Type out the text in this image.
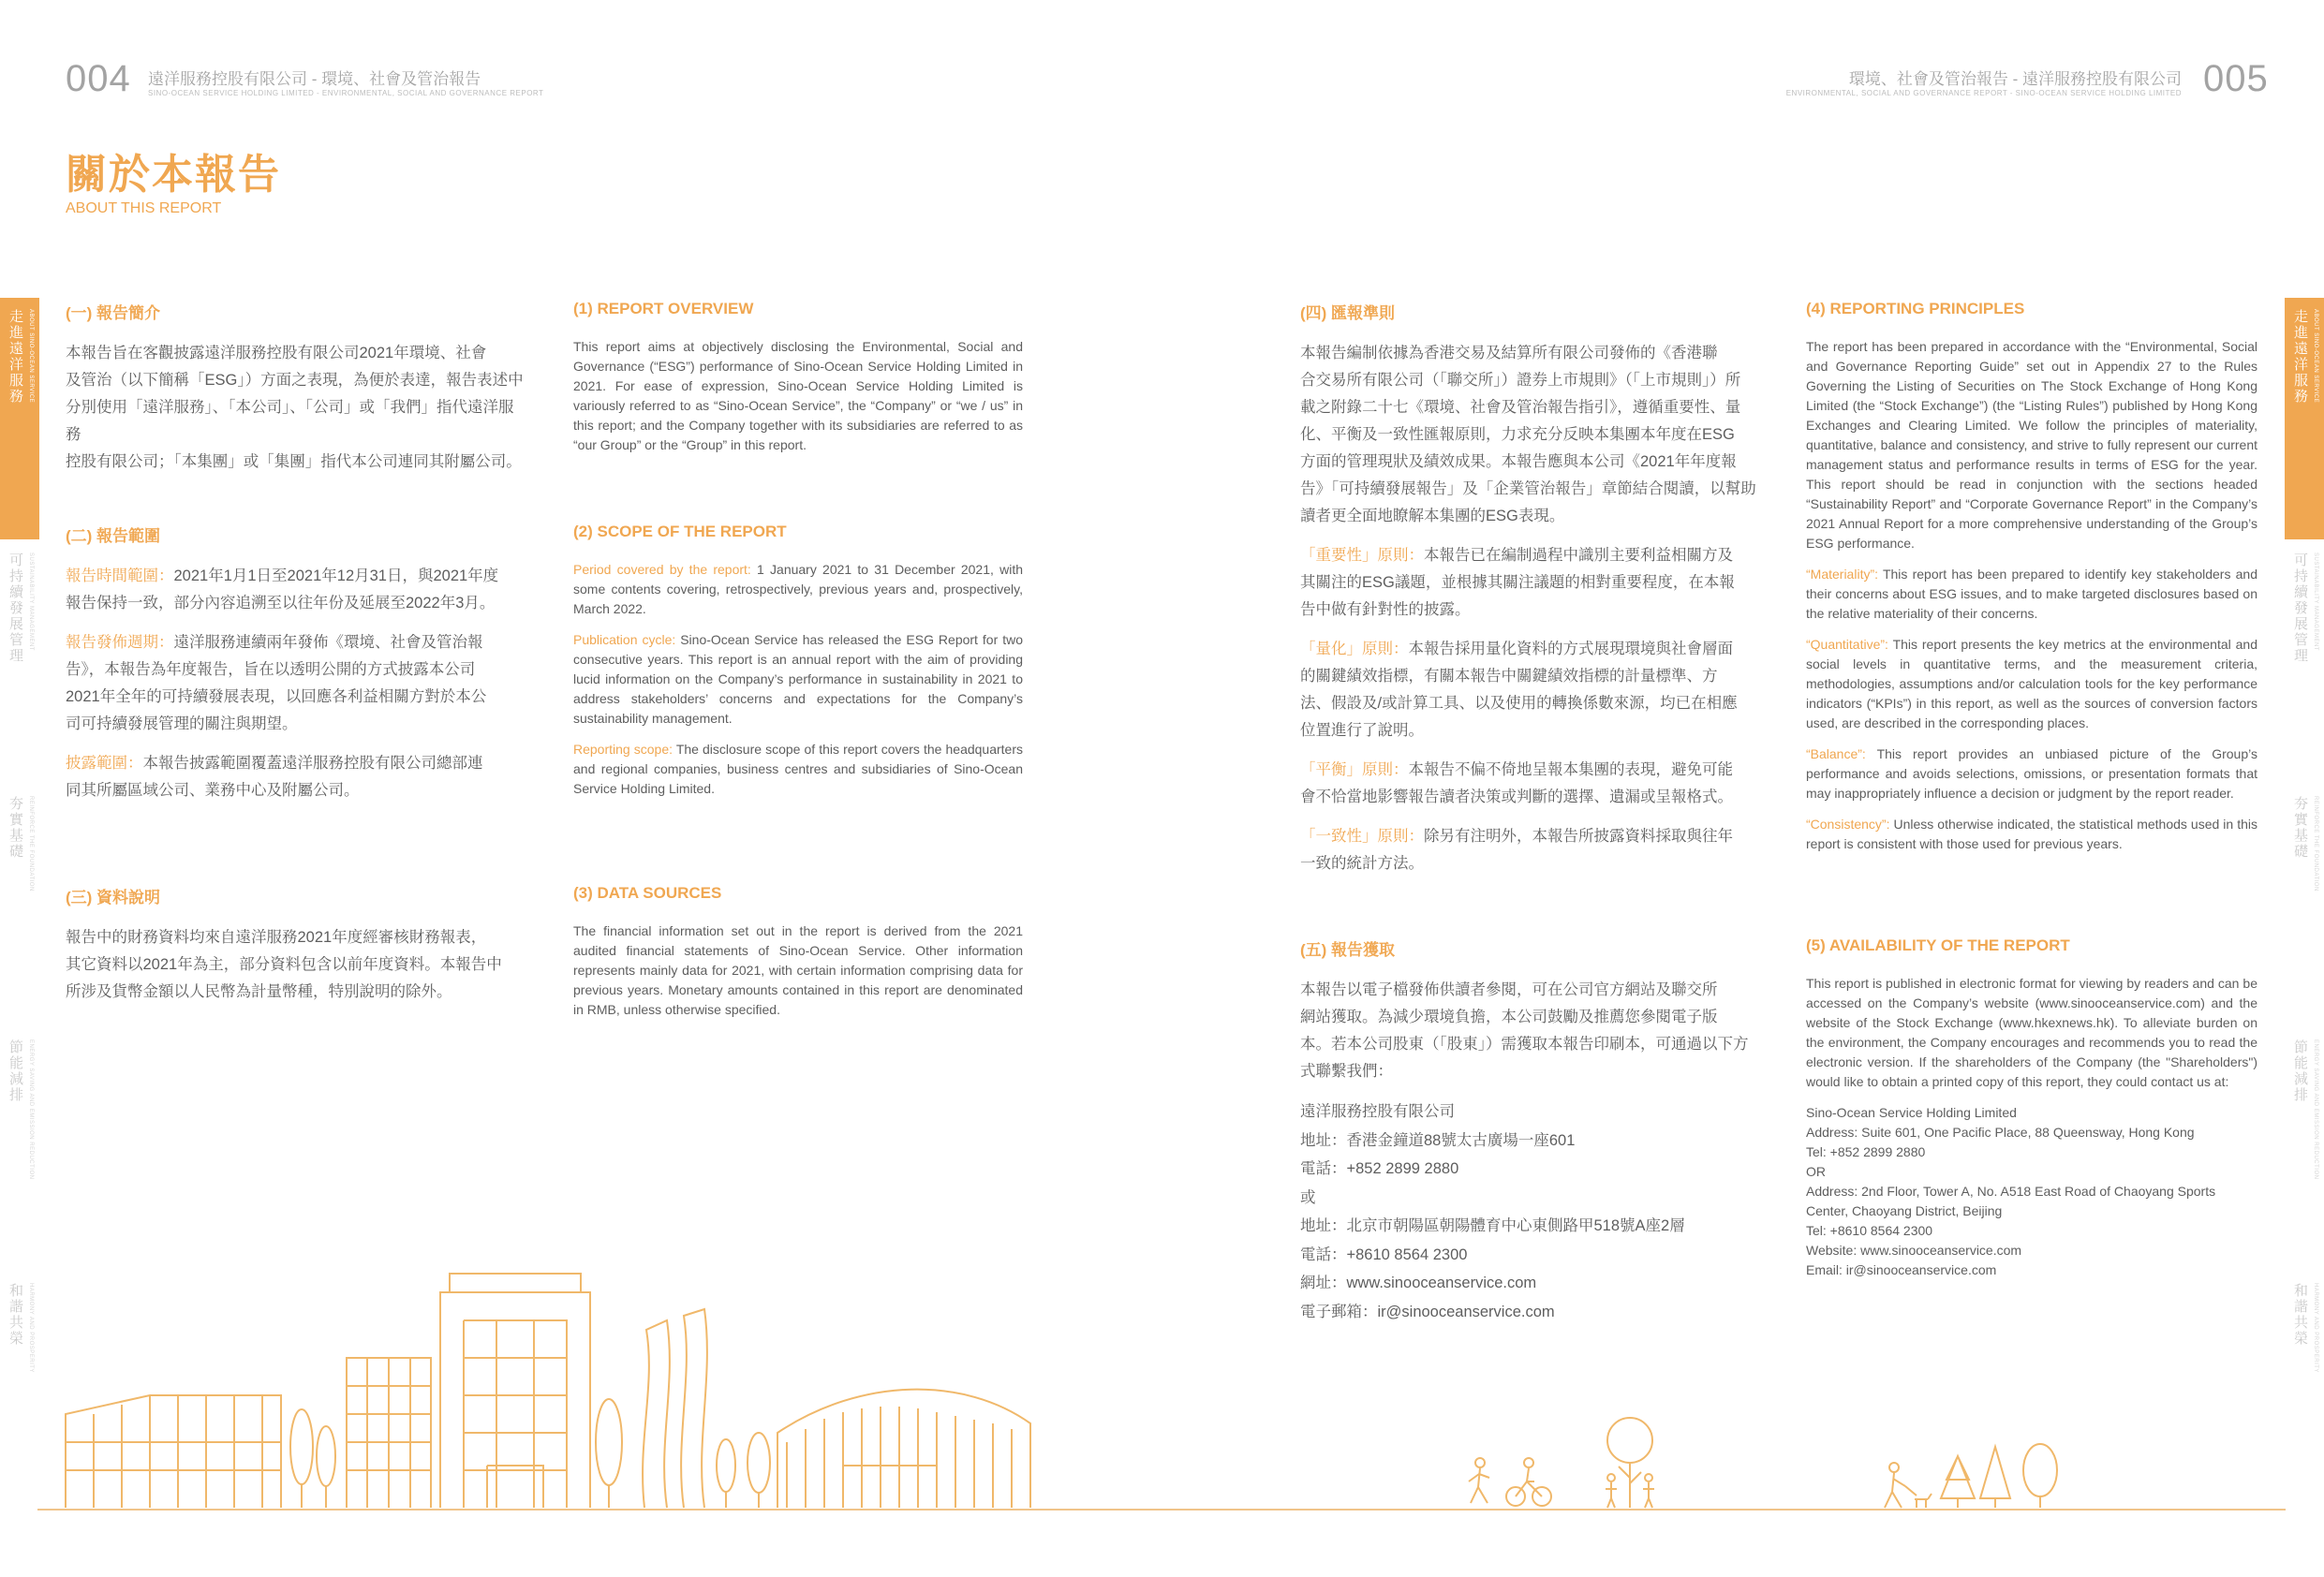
004 遠洋服務控股有限公司 ‐ 環境、社會及管治報告
SINO-OCEAN SERVICE HOLDING LIMITED ‐ ENVIRONMENTAL, SOCIAL AND GOVERNANCE REPORT	005
環境、社會及管治報告 ‐ 遠洋服務控股有限公司
ENVIRONMENTAL, SOCIAL AND GOVERNANCE REPORT ‐ SINO-OCEAN SERVICE HOLDING LIMITED
關於本報告
ABOUT THIS REPORT
走進遠洋服務 ABOUT SINO-OCEAN SERVICE
可持續發展管理 SUSTAINABILITY MANAGEMENT
夯實基礎 REINFORCE THE FOUNDATION
節能減排 ENERGY SAVING AND EMISSION REDUCTION
和諧共榮 HARMONY AND PROSPERITY
走進遠洋服務 ABOUT SINO-OCEAN SERVICE
可持續發展管理 SUSTAINABILITY MANAGEMENT
夯實基礎 REINFORCE THE FOUNDATION
節能減排 ENERGY SAVING AND EMISSION REDUCTION
和諧共榮 HARMONY AND PROSPERITY
(一) 報告簡介
本報告旨在客觀披露遠洋服務控股有限公司2021年環境、社會
及管治（以下簡稱「ESG」）方面之表現，為便於表達，報告表述中
分別使用「遠洋服務」、「本公司」、「公司」或「我們」指代遠洋服務
控股有限公司；「本集團」或「集團」指代本公司連同其附屬公司。
(二) 報告範圍

報告時間範圍：2021年1月1日至2021年12月31日，與2021年度
報告保持一致，部分內容追溯至以往年份及延展至2022年3月。

報告發佈週期：遠洋服務連續兩年發佈《環境、社會及管治報
告》，本報告為年度報告，旨在以透明公開的方式披露本公司
2021年全年的可持續發展表現，以回應各利益相關方對於本公
司可持續發展管理的關注與期望。

披露範圍：本報告披露範圍覆蓋遠洋服務控股有限公司總部連
同其所屬區域公司、業務中心及附屬公司。

(三) 資料說明
報告中的財務資料均來自遠洋服務2021年度經審核財務報表，
其它資料以2021年為主，部分資料包含以前年度資料。本報告中
所涉及貨幣金額以人民幣為計量幣種，特別說明的除外。
(1) REPORT OVERVIEW
This report aims at objectively disclosing the Environmental, Social and Governance (“ESG”) performance of Sino-Ocean Service Holding Limited in 2021. For ease of expression, Sino-Ocean Service Holding Limited is variously referred to as “Sino-Ocean Service”, the “Company” or “we / us” in this report; and the Company together with its subsidiaries are referred to as “our Group” or the “Group” in this report.
(2) SCOPE OF THE REPORT

Period covered by the report: 1 January 2021 to 31 December 2021, with some contents covering, retrospectively, previous years and, prospectively, March 2022.

Publication cycle: Sino-Ocean Service has released the ESG Report for two consecutive years. This report is an annual report with the aim of providing lucid information on the Company’s performance in sustainability in 2021 to address stakeholders’ concerns and expectations for the Company’s sustainability management.

Reporting scope: The disclosure scope of this report covers the headquarters and regional companies, business centres and subsidiaries of Sino-Ocean Service Holding Limited.

(3) DATA SOURCES
The financial information set out in the report is derived from the 2021 audited financial statements of Sino-Ocean Service. Other information represents mainly data for 2021, with certain information comprising data for previous years. Monetary amounts contained in this report are denominated in RMB, unless otherwise specified.
(四) 匯報準則

本報告編制依據為香港交易及結算所有限公司發佈的《香港聯
合交易所有限公司（「聯交所」）證券上市規則》（「上市規則」）所
載之附錄二十七《環境、社會及管治報告指引》，遵循重要性、量
化、平衡及一致性匯報原則，力求充分反映本集團本年度在ESG
方面的管理現狀及績效成果。本報告應與本公司《2021年年度報
告》「可持續發展報告」及「企業管治報告」章節結合閱讀，以幫助
讀者更全面地瞭解本集團的ESG表現。

「重要性」原則：本報告已在編制過程中識別主要利益相關方及
其關注的ESG議題，並根據其關注議題的相對重要程度，在本報
告中做有針對性的披露。

「量化」原則：本報告採用量化資料的方式展現環境與社會層面
的關鍵績效指標，有關本報告中關鍵績效指標的計量標準、方
法、假設及/或計算工具、以及使用的轉換係數來源，均已在相應
位置進行了說明。

「平衡」原則：本報告不偏不倚地呈報本集團的表現，避免可能
會不恰當地影響報告讀者決策或判斷的選擇、遺漏或呈報格式。

「一致性」原則：除另有注明外，本報告所披露資料採取與往年
一致的統計方法。

(五) 報告獲取

本報告以電子檔發佈供讀者參閱，可在公司官方網站及聯交所
網站獲取。為減少環境負擔，本公司鼓勵及推薦您參閱電子版
本。若本公司股東（「股東」）需獲取本報告印刷本，可通過以下方
式聯繫我們：

遠洋服務控股有限公司
地址：香港金鐘道88號太古廣場一座601
電話：+852 2899 2880
或
地址：北京市朝陽區朝陽體育中心東側路甲518號A座2層
電話：+8610 8564 2300
網址：www.sinooceanservice.com
電子郵箱：ir@sinooceanservice.com
(4) REPORTING PRINCIPLES

The report has been prepared in accordance with the “Environmental, Social and Governance Reporting Guide” set out in Appendix 27 to the Rules Governing the Listing of Securities on The Stock Exchange of Hong Kong Limited (the “Stock Exchange”) (the “Listing Rules”) published by Hong Kong Exchanges and Clearing Limited. We follow the principles of materiality, quantitative, balance and consistency, and strive to fully represent our current management status and performance results in terms of ESG for the year. This report should be read in conjunction with the sections headed “Sustainability Report” and “Corporate Governance Report” in the Company’s 2021 Annual Report for a more comprehensive understanding of the Group’s ESG performance.

“Materiality”: This report has been prepared to identify key stakeholders and their concerns about ESG issues, and to make targeted disclosures based on the relative materiality of their concerns.

“Quantitative”: This report presents the key metrics at the environmental and social levels in quantitative terms, and the measurement criteria, methodologies, assumptions and/or calculation tools for the key performance indicators (“KPIs”) in this report, as well as the sources of conversion factors used, are described in the corresponding places.

“Balance”: This report provides an unbiased picture of the Group’s performance and avoids selections, omissions, or presentation formats that may inappropriately influence a decision or judgment by the report reader.

“Consistency”: Unless otherwise indicated, the statistical methods used in this report is consistent with those used for previous years.

(5) AVAILABILITY OF THE REPORT

This report is published in electronic format for viewing by readers and can be accessed on the Company’s website (www.sinooceanservice.com) and the website of the Stock Exchange (www.hkexnews.hk). To alleviate burden on the environment, the Company encourages and recommends you to read the electronic version. If the shareholders of the Company (the "Shareholders") would like to obtain a printed copy of this report, they could contact us at:

Sino-Ocean Service Holding Limited
Address: Suite 601, One Pacific Place, 88 Queensway, Hong Kong
Tel: +852 2899 2880
OR
Address: 2nd Floor, Tower A, No. A518 East Road of Chaoyang Sports
Center, Chaoyang District, Beijing
Tel: +8610 8564 2300
Website: www.sinooceanservice.com
Email: ir@sinooceanservice.com
